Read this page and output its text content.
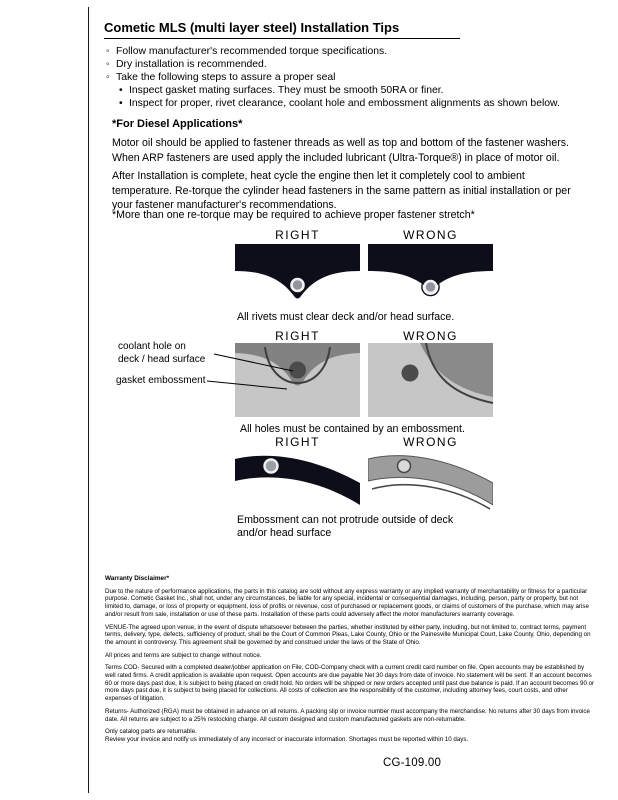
Cometic MLS (multi layer steel) Installation Tips
◦ Follow manufacturer's recommended torque specifications.
◦ Dry installation is recommended.
◦ Take the following steps to assure a proper seal
• Inspect gasket mating surfaces. They must be smooth 50RA or finer.
• Inspect for proper, rivet clearance, coolant hole and embossment alignments as shown below.
*For Diesel Applications*
Motor oil should be applied to fastener threads as well as top and bottom of the fastener washers. When ARP fasteners are used apply the included lubricant (Ultra-Torque®) in place of motor oil.
After Installation is complete, heat cycle the engine then let it completely cool to ambient temperature. Re-torque the cylinder head fasteners in the same pattern as initial installation or per your fastener manufacturer's recommendations.
*More than one re-torque may be required to achieve proper fastener stretch*
RIGHT	WRONG
All rivets must clear deck and/or head surface.
RIGHT	WRONG
coolant hole on
deck / head surface
gasket embossment
All holes must be contained by an embossment.
RIGHT	WRONG
Embossment can not protrude outside of deck
and/or head surface
Warranty Disclaimer*

Due to the nature of performance applications, the parts in this catalog are sold without any express warranty or any implied warranty of merchantability or fitness for a particular purpose. Cometic Gasket Inc., shall not, under any circumstances, be liable for any special, incidental or consequential damages, including, person, party or property, but not limited to, damage, or loss of property or equipment, loss of profits or revenue, cost of purchased or replacement goods, or claims of customers of the purchase, which may arise and/or result from sale, installation or use of these parts. Installation of these parts could adversely affect the motor manufacturers warranty coverage.

VENUE-The agreed upon venue, in the event of dispute whatsoever between the parties, whether instituted by either party, including, but not limited to, contract terms, payment terms, delivery, type, defects, sufficiency of product, shall be the Court of Common Pleas, Lake County, Ohio or the Painesville Municipal Court, Lake County, Ohio, depending on the amount in controversy. This agreement shall be governed by and construed under the laws of the State of Ohio.

All prices and terms are subject to change without notice.

Terms COD- Secured with a completed dealer/jobber application on File, COD-Company check with a current credit card number on file. Open accounts may be established by well rated firms. A credit application is available upon request. Open accounts are due payable Net 30 days from date of invoice. No statement will be sent. If an account becomes 60 or more days past due, it is subject to being placed on credit hold. No orders will be shipped or new orders accepted until past due balance is paid. If an account becomes 90 or more days past due, it is subject to being placed for collections. All costs of collection are the responsibility of the customer, including attorney fees, court costs, and other expenses of litigation.

Returns- Authorized (RGA) must be obtained in advance on all returns. A packing slip or invoice number must accompany the merchandise. No returns after 30 days from invoice date. All returns are subject to a 25% restocking charge. All custom designed and custom manufactured gaskets are non-returnable.

Only catalog parts are returnable.

Review your invoice and notify us immediately of any incorrect or inaccurate information. Shortages must be reported within 10 days.

CG-109.00
